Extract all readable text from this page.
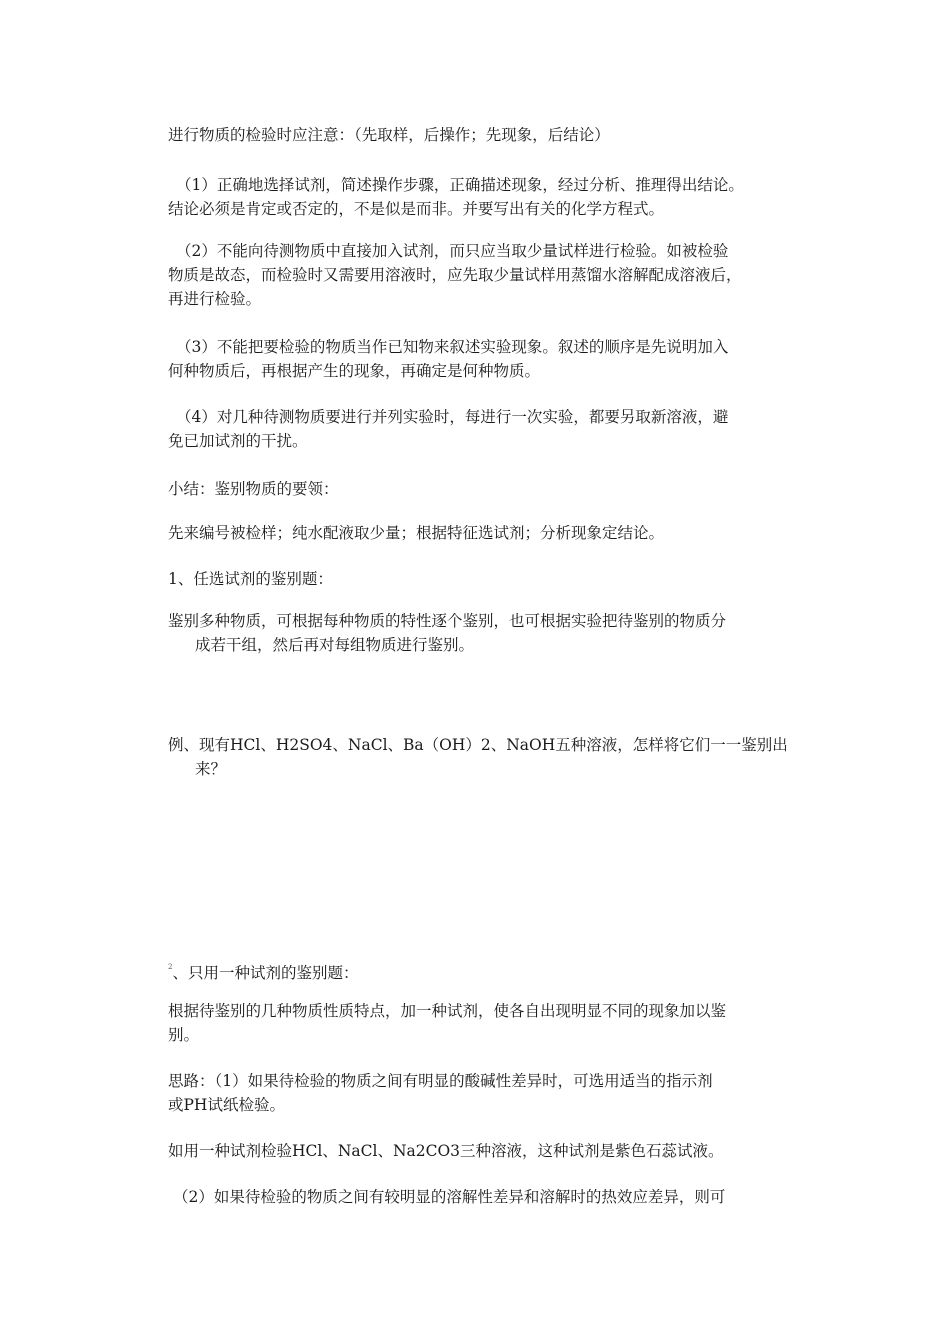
进行物质的检验时应注意：（先取样，后操作；先现象，后结论）
（1）正确地选择试剂，简述操作步骤，正确描述现象，经过分析、推理得出结论。
结论必须是肯定或否定的，不是似是而非。并要写出有关的化学方程式。
（2）不能向待测物质中直接加入试剂，而只应当取少量试样进行检验。如被检验
物质是故态，而检验时又需要用溶液时，应先取少量试样用蒸馏水溶解配成溶液后，
再进行检验。
（3）不能把要检验的物质当作已知物来叙述实验现象。叙述的顺序是先说明加入
何种物质后，再根据产生的现象，再确定是何种物质。
（4）对几种待测物质要进行并列实验时，每进行一次实验，都要另取新溶液，避
免已加试剂的干扰。
小结：鉴别物质的要领：
先来编号被检样；纯水配液取少量；根据特征选试剂；分析现象定结论。
1、任选试剂的鉴别题：
鉴别多种物质，可根据每种物质的特性逐个鉴别，也可根据实验把待鉴别的物质分
成若干组，然后再对每组物质进行鉴别。
例、现有HCl、H2SO4、NaCl、Ba（OH）2、NaOH五种溶液，怎样将它们一一鉴别出
来？
$^2$、只用一种试剂的鉴别题：
根据待鉴别的几种物质性质特点，加一种试剂，使各自出现明显不同的现象加以鉴
别。
思路：（1）如果待检验的物质之间有明显的酸碱性差异时，可选用适当的指示剂
或PH试纸检验。
如用一种试剂检验HCl、NaCl、Na2CO3三种溶液，这种试剂是紫色石蕊试液。
（2）如果待检验的物质之间有较明显的溶解性差异和溶解时的热效应差异，则可
